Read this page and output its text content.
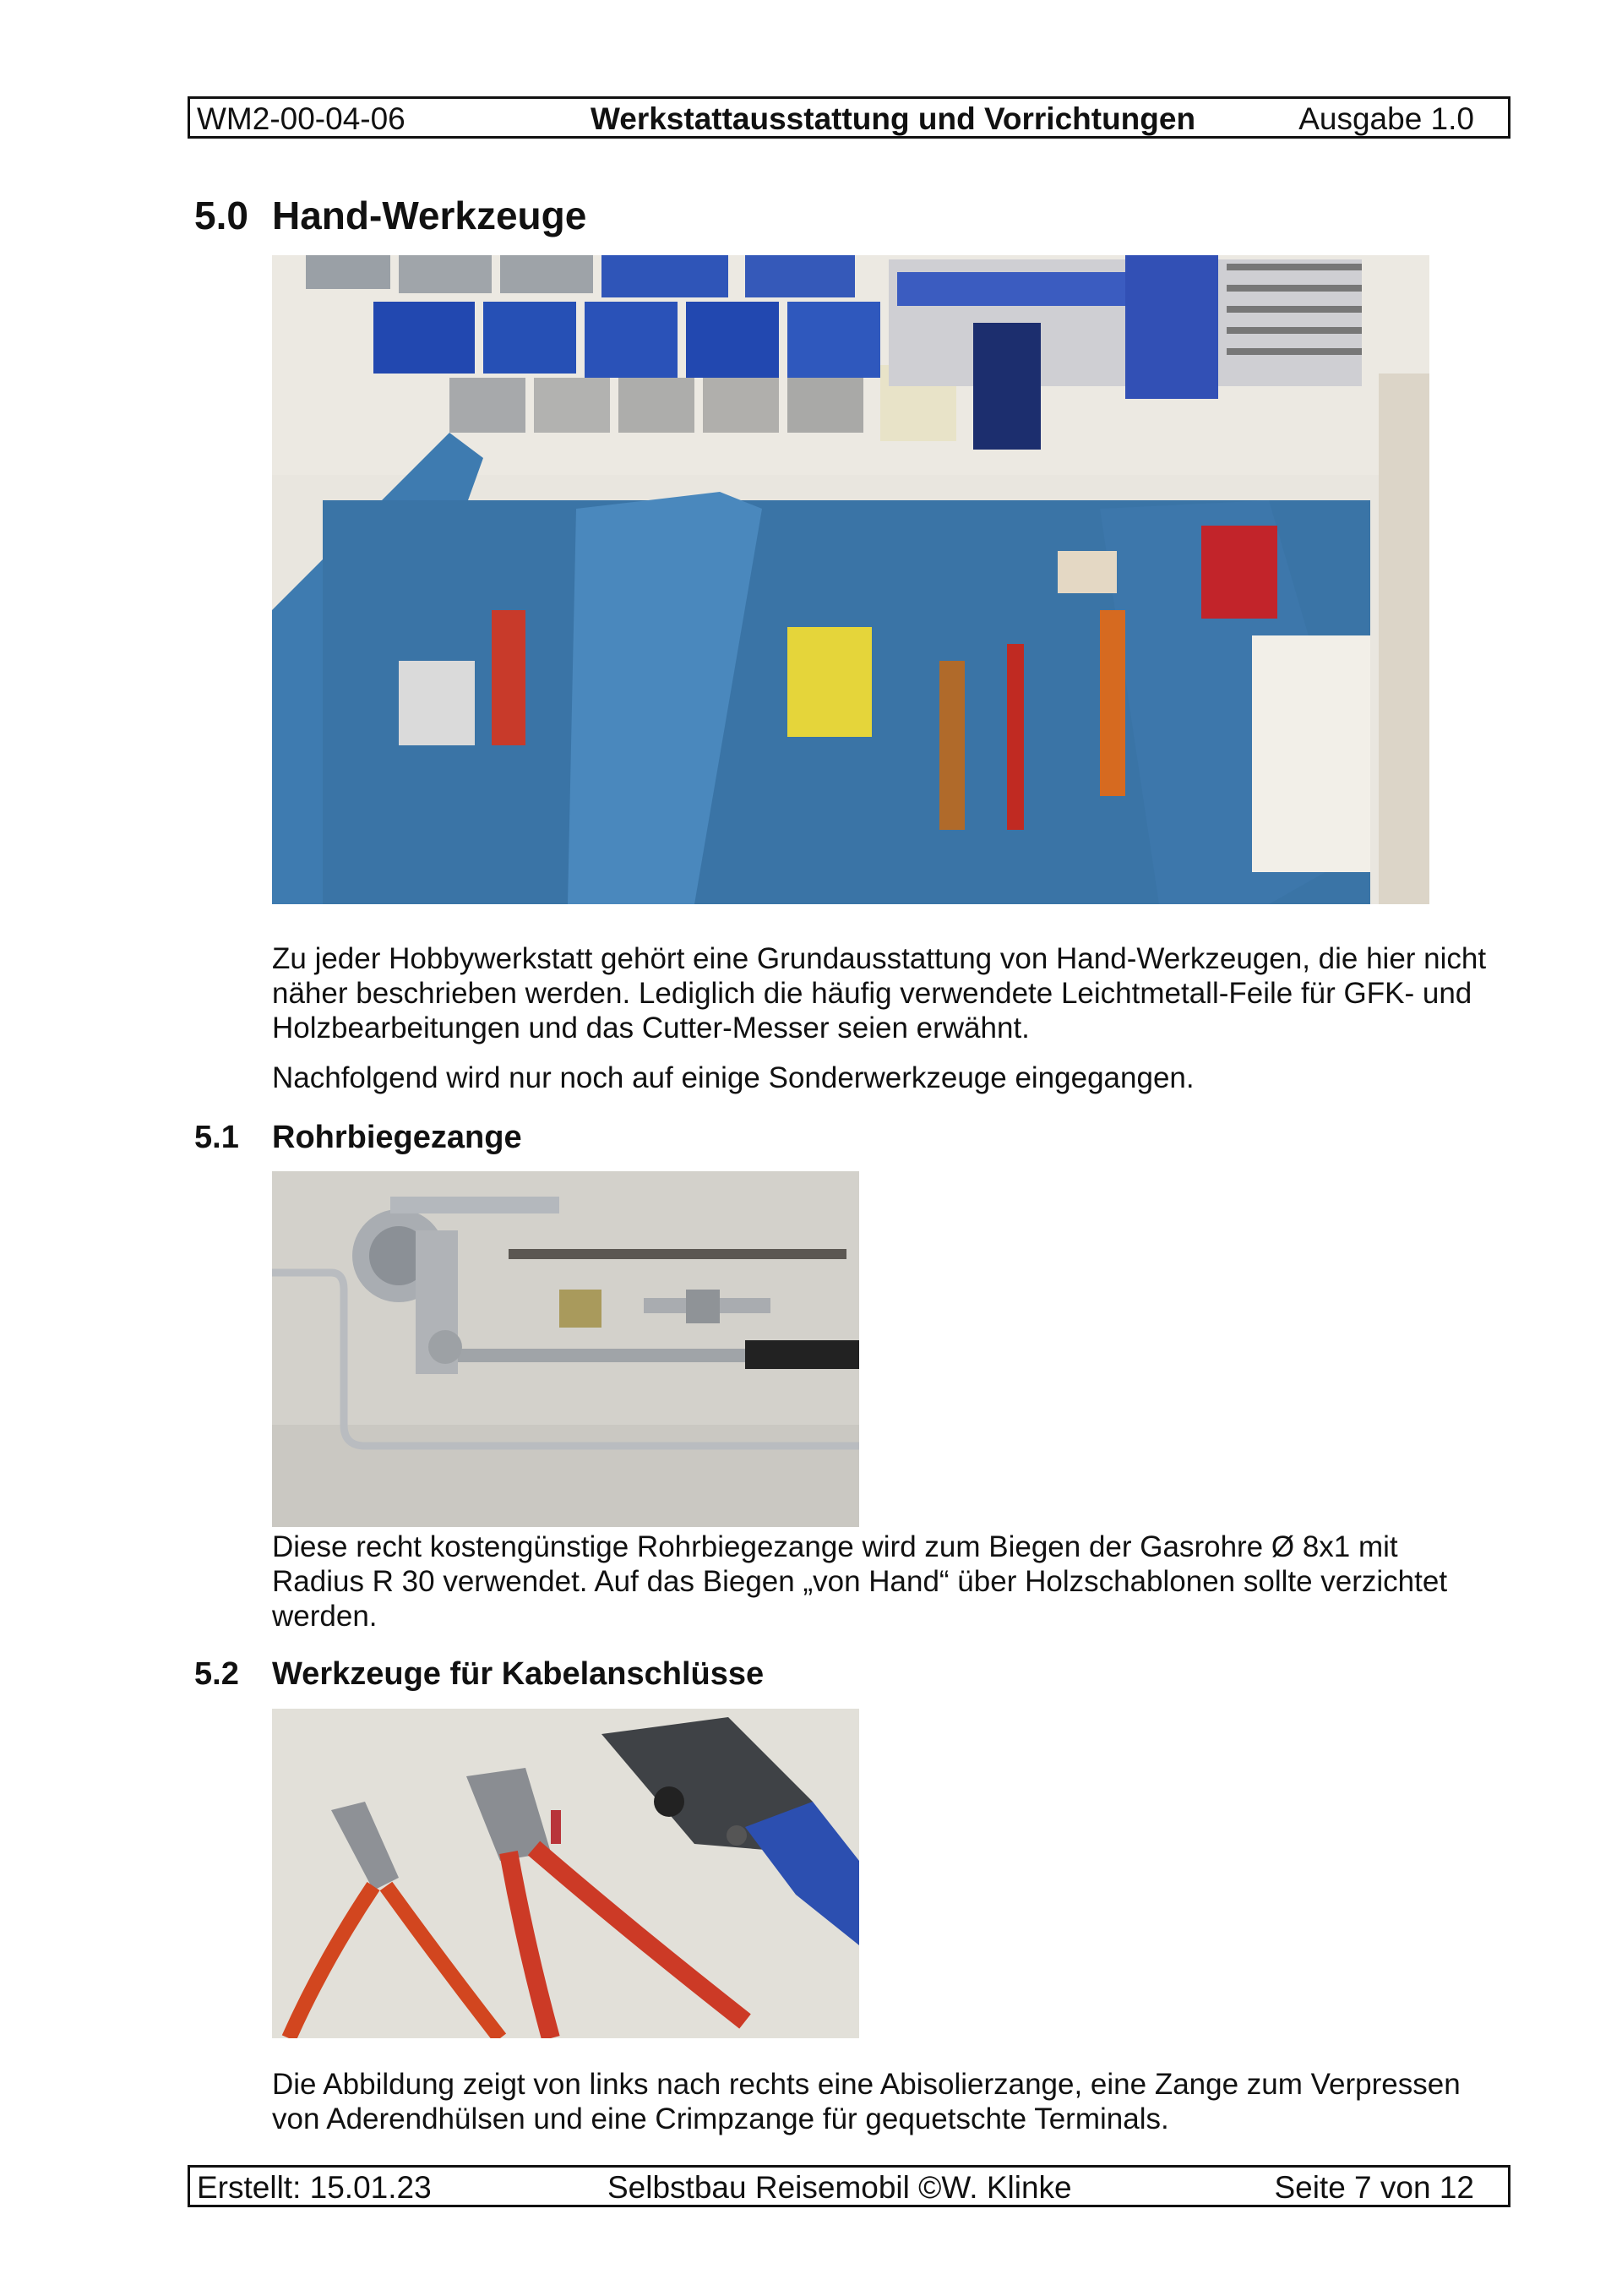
WM2-00-04-06	Werkstattausstattung und Vorrichtungen	Ausgabe 1.0
5.0 Hand-Werkzeuge

Zu jeder Hobbywerkstatt gehört eine Grundausstattung von Hand-Werkzeugen, die hier nicht näher beschrieben werden. Lediglich die häufig verwendete Leichtmetall-Feile für GFK- und Holzbearbeitungen und das Cutter-Messer seien erwähnt.

Nachfolgend wird nur noch auf einige Sonderwerkzeuge eingegangen.

5.1 Rohrbiegezange

Diese recht kostengünstige Rohrbiegezange wird zum Biegen der Gasrohre Ø 8x1 mit Radius R 30 verwendet. Auf das Biegen „von Hand“ über Holzschablonen sollte verzichtet werden.

5.2 Werkzeuge für Kabelanschlüsse

Die Abbildung zeigt von links nach rechts eine Abisolierzange, eine Zange zum Verpressen von Aderendhülsen und eine Crimpzange für gequetschte Terminals.

Erstellt: 15.01.23	Selbstbau Reisemobil ©W. Klinke	Seite 7 von 12
